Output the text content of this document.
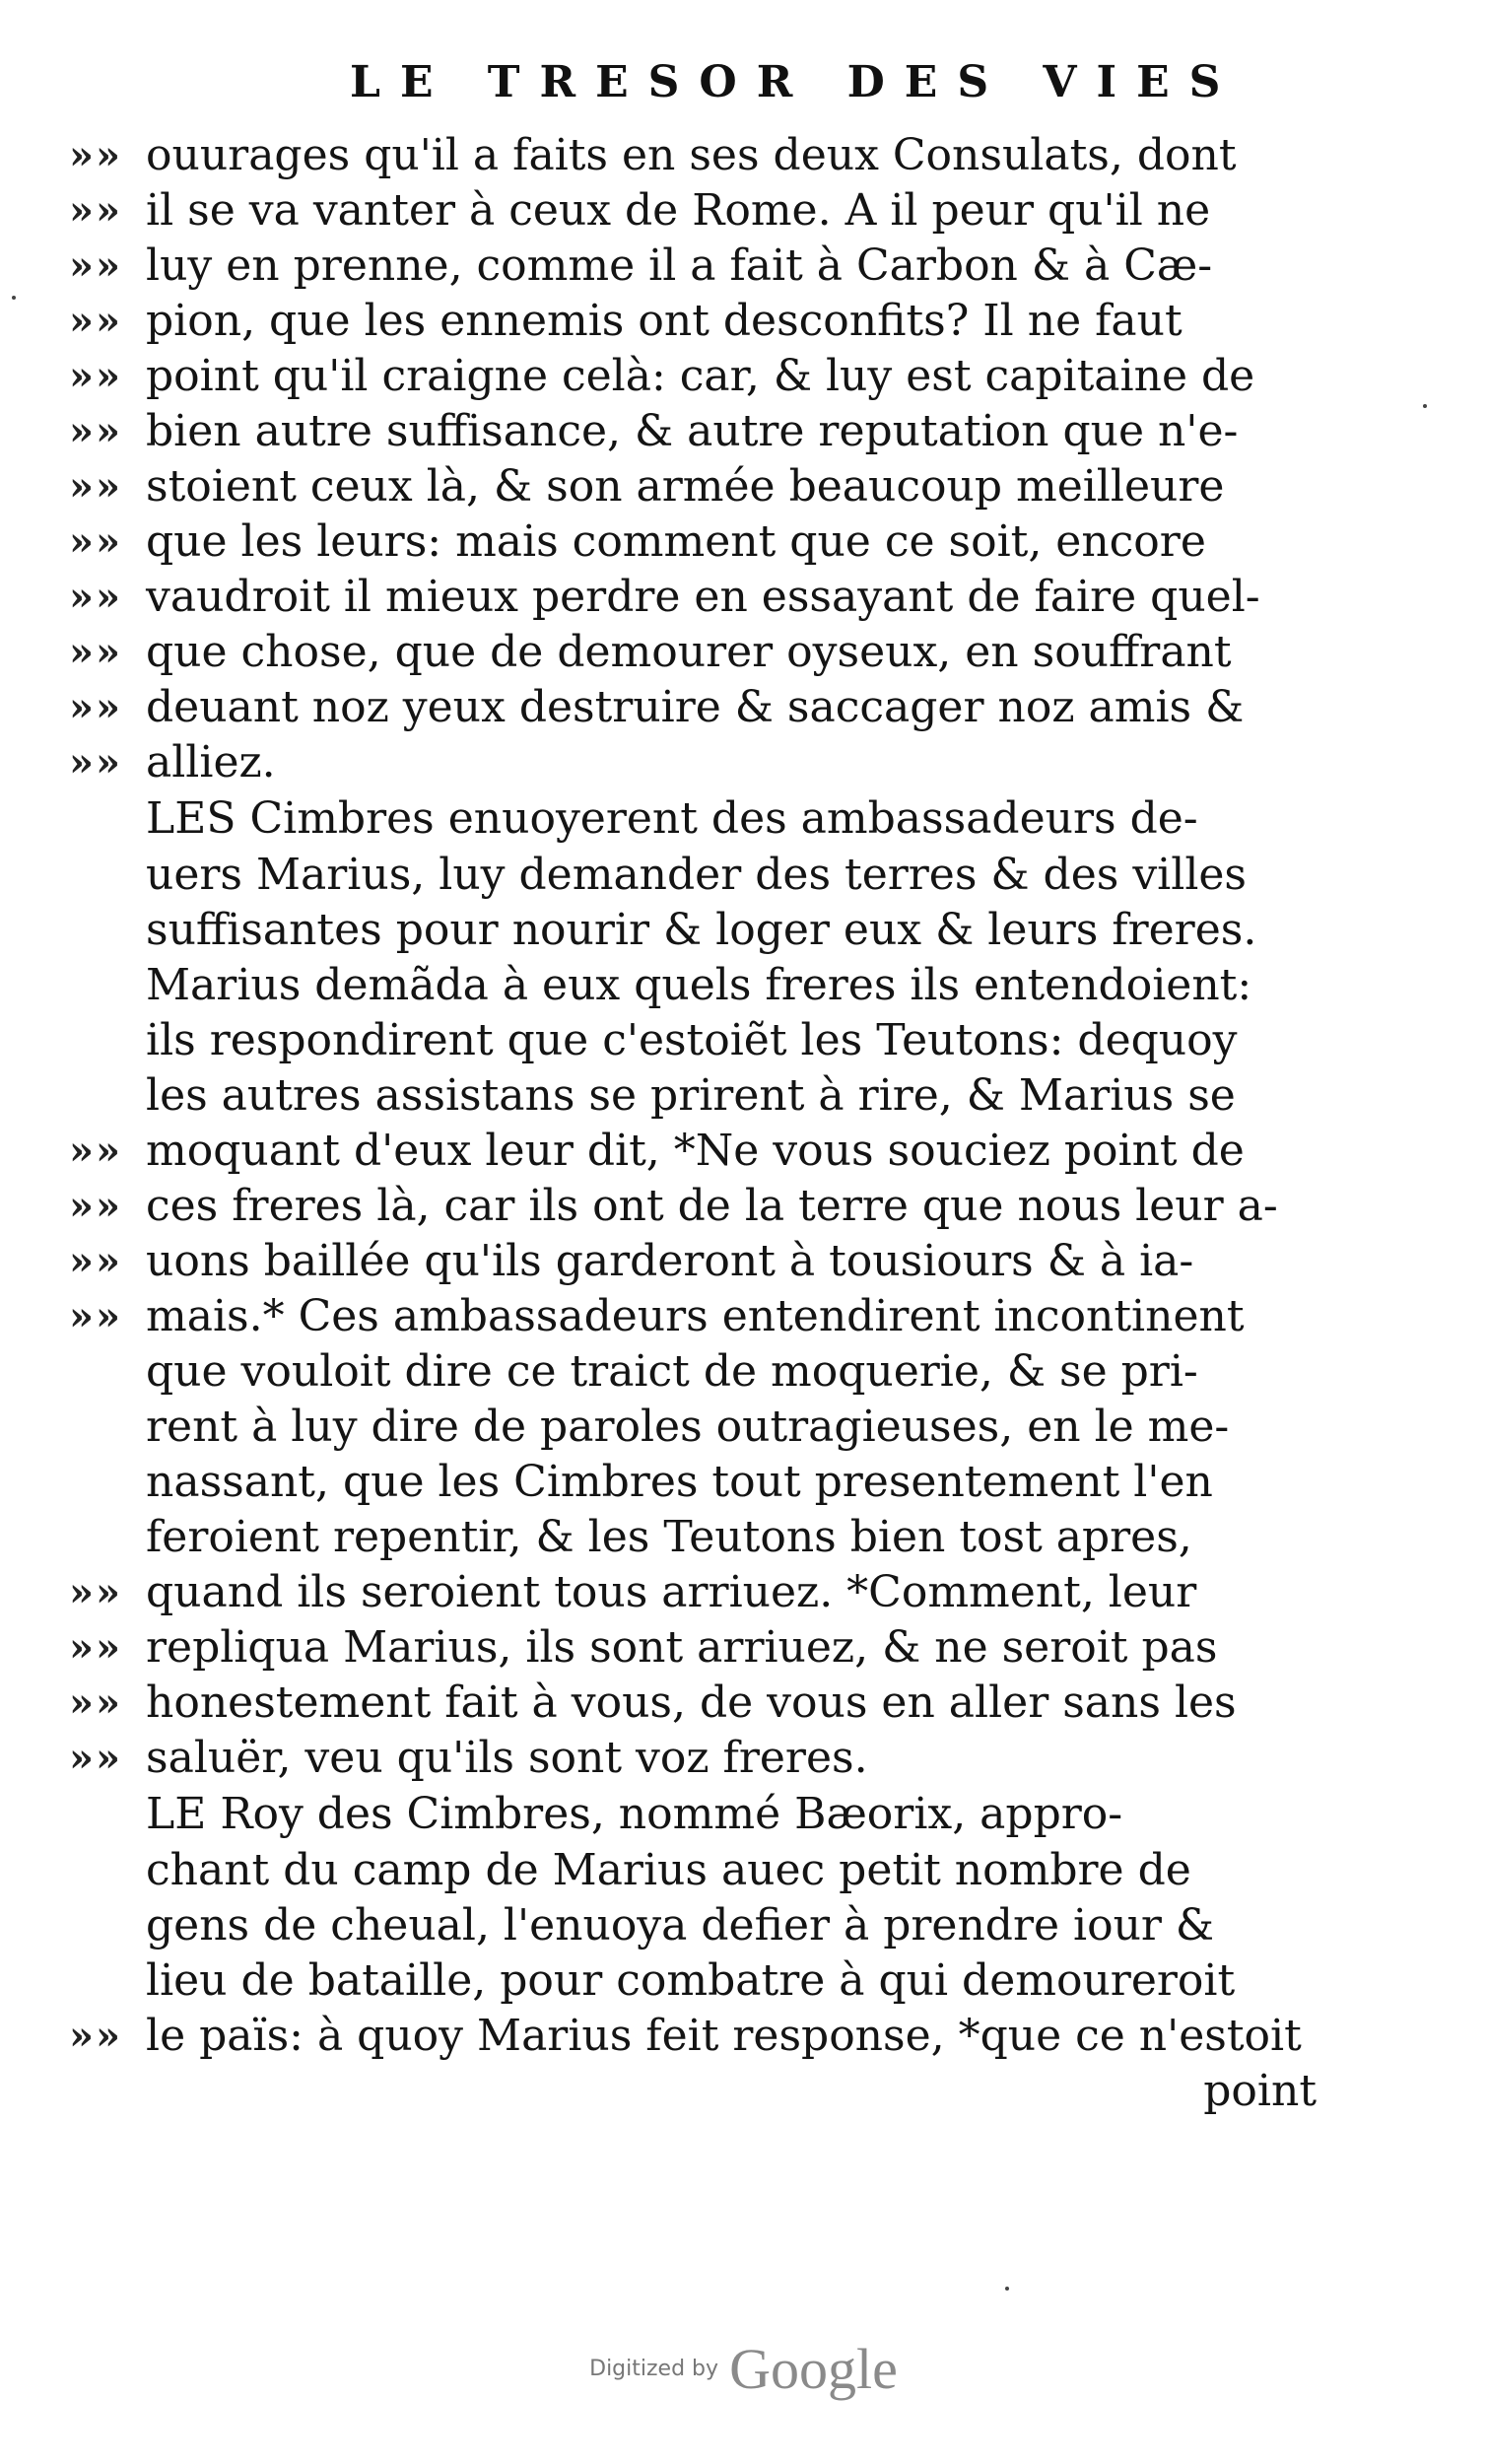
LE TRESOR DES VIES
»» ouurages qu'il a faits en ses deux Consulats, dont
»» il se va vanter à ceux de Rome. A il peur qu'il ne
»» luy en prenne, comme il a fait à Carbon & à Cæ-
»» pion, que les ennemis ont desconfits? Il ne faut
»» point qu'il craigne celà: car, & luy est capitaine de
»» bien autre suffisance, & autre reputation que n'e-
»» stoient ceux là, & son armée beaucoup meilleure
»» que les leurs: mais comment que ce soit, encore
»» vaudroit il mieux perdre en essayant de faire quel-
»» que chose, que de demourer oyseux, en souffrant
»» deuant noz yeux destruire & saccager noz amis &
»» alliez.
LES Cimbres enuoyerent des ambassadeurs de-
uers Marius, luy demander des terres & des villes
suffisantes pour nourir & loger eux & leurs freres.
Marius demãda à eux quels freres ils entendoient:
ils respondirent que c'estoiẽt les Teutons: dequoy
les autres assistans se prirent à rire, & Marius se
»» moquant d'eux leur dit, *Ne vous souciez point de
»» ces freres là, car ils ont de la terre que nous leur a-
»» uons baillée qu'ils garderont à tousiours & à ia-
»» mais.* Ces ambassadeurs entendirent incontinent
que vouloit dire ce traict de moquerie, & se pri-
rent à luy dire de paroles outragieuses, en le me-
nassant, que les Cimbres tout presentement l'en
feroient repentir, & les Teutons bien tost apres,
»» quand ils seroient tous arriuez. *Comment, leur
»» repliqua Marius, ils sont arriuez, & ne seroit pas
»» honestement fait à vous, de vous en aller sans les
»» saluër, veu qu'ils sont voz freres.
LE Roy des Cimbres, nommé Bæorix, appro-
chant du camp de Marius auec petit nombre de
gens de cheual, l'enuoya defier à prendre iour &
lieu de bataille, pour combatre à qui demoureroit
»» le païs: à quoy Marius feit response, *que ce n'estoit
point
Digitized by Google
